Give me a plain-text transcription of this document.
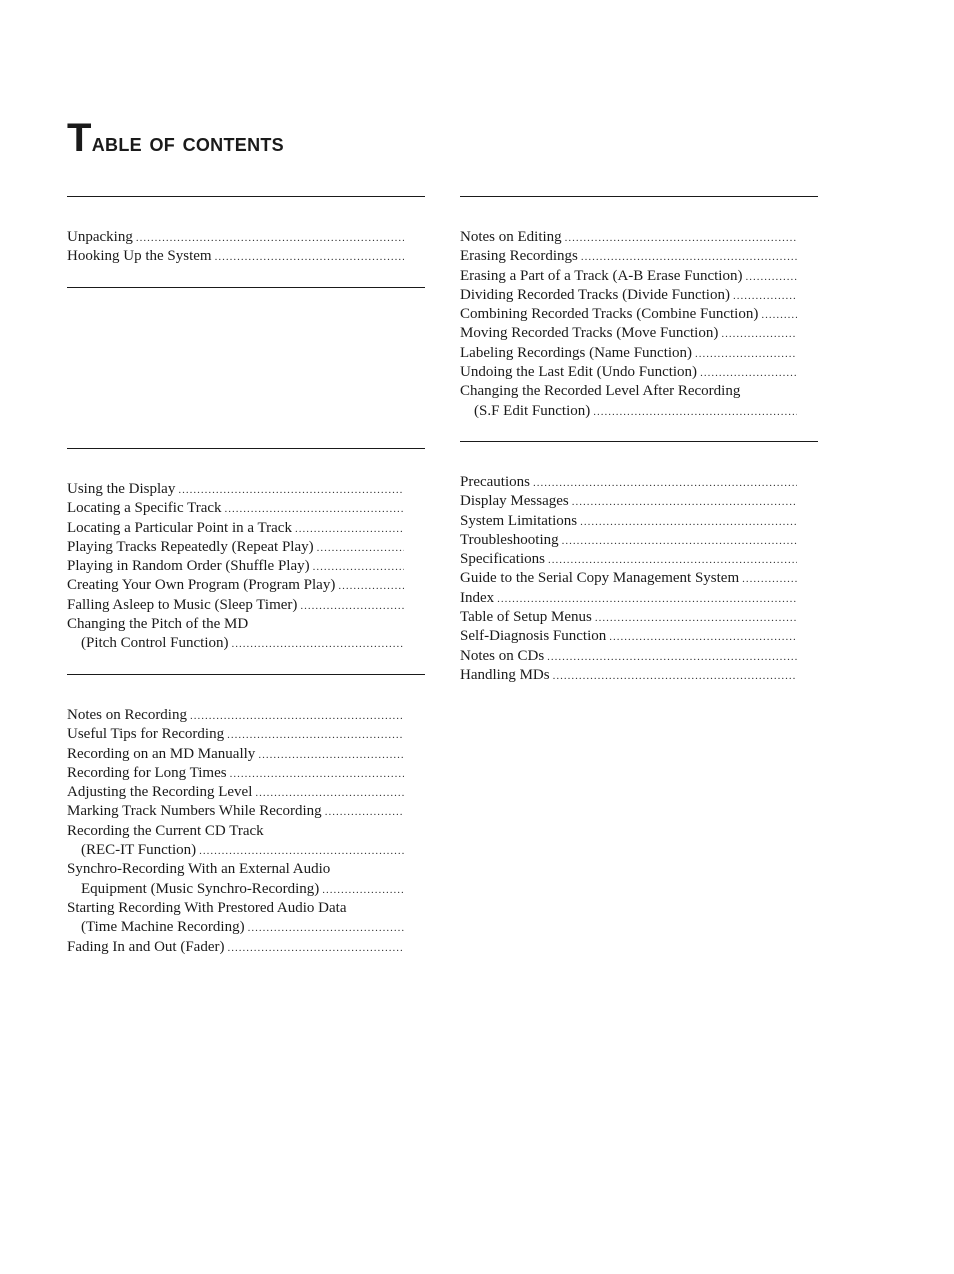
Table of contents
Unpacking
.....
Hooking Up the System
.....
Using the Display
.....
Locating a Specific Track
.....
Locating a Particular Point in a Track
.....
Playing Tracks Repeatedly (Repeat Play)
.....
Playing in Random Order (Shuffle Play)
.....
Creating Your Own Program (Program Play)
.....
Falling Asleep to Music (Sleep Timer)
.....
Changing the Pitch of the MD
(Pitch Control Function)
.....
Notes on Recording
.....
Useful Tips for Recording
.....
Recording on an MD Manually
.....
Recording for Long Times
.....
Adjusting the Recording Level
.....
Marking Track Numbers While Recording
.....
Recording the Current CD Track
(REC-IT Function)
.....
Synchro-Recording With an External Audio
Equipment (Music Synchro-Recording)
.....
Starting Recording With Prestored Audio Data
(Time Machine Recording)
.....
Fading In and Out (Fader)
.....
Notes on Editing
.....
Erasing Recordings
.....
Erasing a Part of a Track (A-B Erase Function)
.....
Dividing Recorded Tracks (Divide Function)
.....
Combining Recorded Tracks (Combine Function)
.....
Moving Recorded Tracks (Move Function)
.....
Labeling Recordings (Name Function)
.....
Undoing the Last Edit (Undo Function)
.....
Changing the Recorded Level After Recording
(S.F Edit Function)
.....
Precautions
.....
Display Messages
.....
System Limitations
.....
Troubleshooting
.....
Specifications
.....
Guide to the Serial Copy Management System
.....
Index
.....
Table of Setup Menus
.....
Self-Diagnosis Function
.....
Notes on CDs
.....
Handling MDs
.....
